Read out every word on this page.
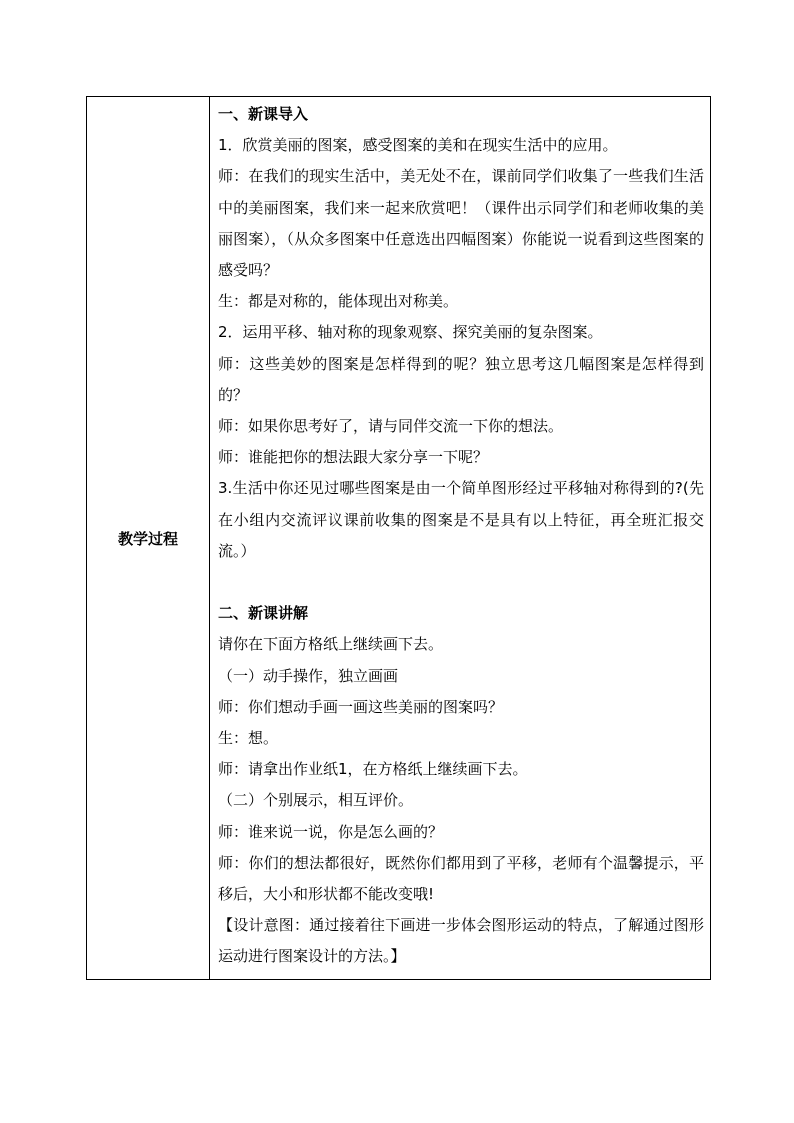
教学过程	

一、新课导入

1．欣赏美丽的图案，感受图案的美和在现实生活中的应用。

师：在我们的现实生活中，美无处不在，课前同学们收集了一些我们生活中的美丽图案，我们来一起来欣赏吧！（课件出示同学们和老师收集的美丽图案），（从众多图案中任意选出四幅图案）你能说一说看到这些图案的感受吗？

生：都是对称的，能体现出对称美。

2．运用平移、轴对称的现象观察、探究美丽的复杂图案。

师：这些美妙的图案是怎样得到的呢？独立思考这几幅图案是怎样得到的？

师：如果你思考好了，请与同伴交流一下你的想法。

师：谁能把你的想法跟大家分享一下呢？

3.生活中你还见过哪些图案是由一个简单图形经过平移轴对称得到的?(先在小组内交流评议课前收集的图案是不是具有以上特征，再全班汇报交流。）

二、新课讲解

请你在下面方格纸上继续画下去。

（一）动手操作，独立画画

师：你们想动手画一画这些美丽的图案吗？

生：想。

师：请拿出作业纸1，在方格纸上继续画下去。

（二）个别展示，相互评价。

师：谁来说一说，你是怎么画的？

师：你们的想法都很好，既然你们都用到了平移，老师有个温馨提示，平移后，大小和形状都不能改变哦!

【设计意图：通过接着往下画进一步体会图形运动的特点，了解通过图形运动进行图案设计的方法。】
